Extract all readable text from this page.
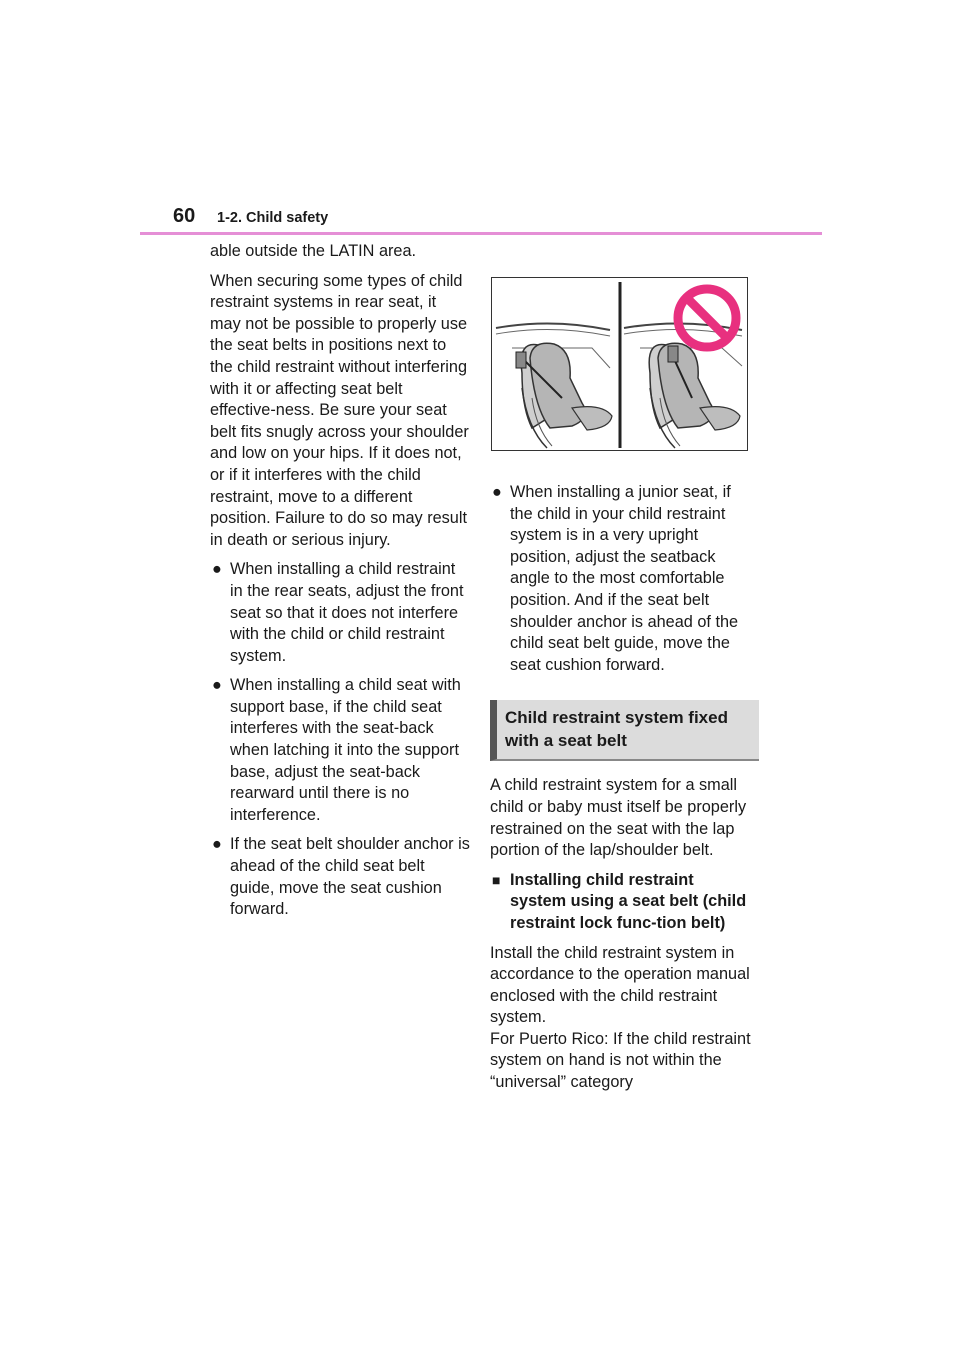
60 1-2. Child safety

able outside the LATIN area.

When securing some types of child restraint systems in rear seat, it may not be possible to properly use the seat belts in positions next to the child restraint without interfering with it or affecting seat belt effective-ness. Be sure your seat belt fits snugly across your shoulder and low on your hips. If it does not, or if it interferes with the child restraint, move to a different position. Failure to do so may result in death or serious injury.

● When installing a child restraint in the rear seats, adjust the front seat so that it does not interfere with the child or child restraint system.
● When installing a child seat with support base, if the child seat interferes with the seat-back when latching it into the support base, adjust the seat-back rearward until there is no interference.
● If the seat belt shoulder anchor is ahead of the child seat belt guide, move the seat cushion forward.
● When installing a junior seat, if the child in your child restraint system is in a very upright position, adjust the seatback angle to the most comfortable position. And if the seat belt shoulder anchor is ahead of the child seat belt guide, move the seat cushion forward.
Child restraint system fixed with a seat belt

A child restraint system for a small child or baby must itself be properly restrained on the seat with the lap portion of the lap/shoulder belt.

■ Installing child restraint system using a seat belt (child restraint lock func-tion belt)

Install the child restraint system in accordance to the operation manual enclosed with the child restraint system.

For Puerto Rico: If the child restraint system on hand is not within the “universal” category
